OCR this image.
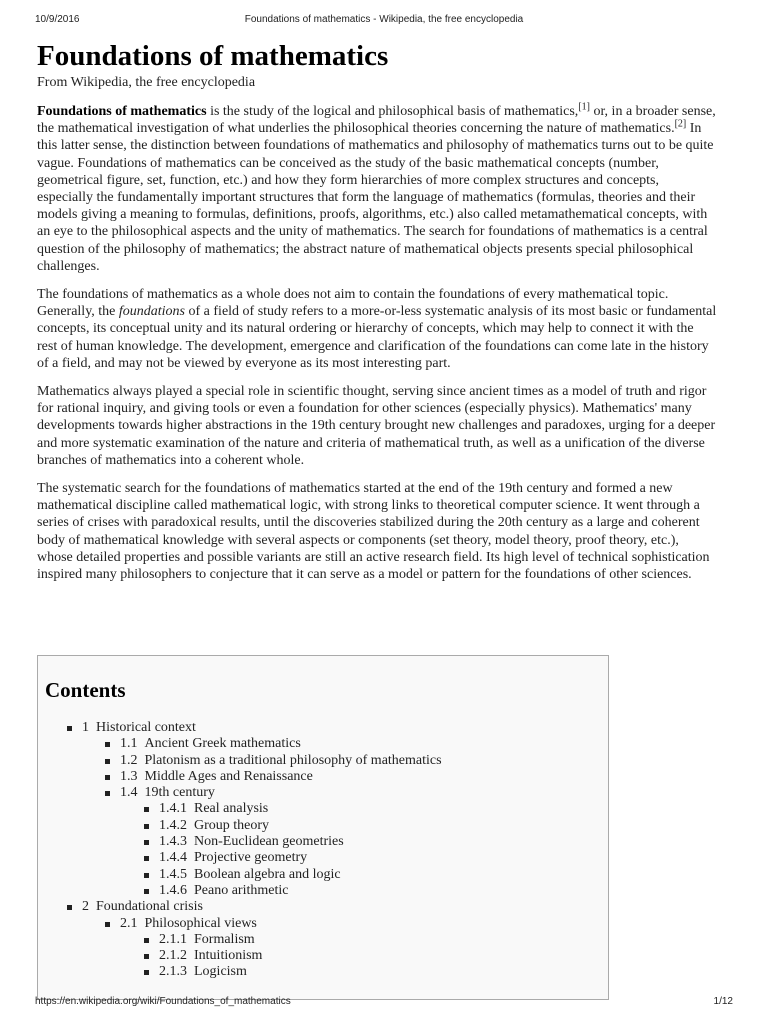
10/9/2016	Foundations of mathematics - Wikipedia, the free encyclopedia
Foundations of mathematics
From Wikipedia, the free encyclopedia

Foundations of mathematics is the study of the logical and philosophical basis of mathematics,[1] or, in a broader sense, the mathematical investigation of what underlies the philosophical theories concerning the nature of mathematics.[2] In this latter sense, the distinction between foundations of mathematics and philosophy of mathematics turns out to be quite vague. Foundations of mathematics can be conceived as the study of the basic mathematical concepts (number, geometrical figure, set, function, etc.) and how they form hierarchies of more complex structures and concepts, especially the fundamentally important structures that form the language of mathematics (formulas, theories and their models giving a meaning to formulas, definitions, proofs, algorithms, etc.) also called metamathematical concepts, with an eye to the philosophical aspects and the unity of mathematics. The search for foundations of mathematics is a central question of the philosophy of mathematics; the abstract nature of mathematical objects presents special philosophical challenges.

The foundations of mathematics as a whole does not aim to contain the foundations of every mathematical topic. Generally, the foundations of a field of study refers to a more-or-less systematic analysis of its most basic or fundamental concepts, its conceptual unity and its natural ordering or hierarchy of concepts, which may help to connect it with the rest of human knowledge. The development, emergence and clarification of the foundations can come late in the history of a field, and may not be viewed by everyone as its most interesting part.

Mathematics always played a special role in scientific thought, serving since ancient times as a model of truth and rigor for rational inquiry, and giving tools or even a foundation for other sciences (especially physics). Mathematics' many developments towards higher abstractions in the 19th century brought new challenges and paradoxes, urging for a deeper and more systematic examination of the nature and criteria of mathematical truth, as well as a unification of the diverse branches of mathematics into a coherent whole.

The systematic search for the foundations of mathematics started at the end of the 19th century and formed a new mathematical discipline called mathematical logic, with strong links to theoretical computer science. It went through a series of crises with paradoxical results, until the discoveries stabilized during the 20th century as a large and coherent body of mathematical knowledge with several aspects or components (set theory, model theory, proof theory, etc.), whose detailed properties and possible variants are still an active research field. Its high level of technical sophistication inspired many philosophers to conjecture that it can serve as a model or pattern for the foundations of other sciences.

Contents
1 Historical context
1.1 Ancient Greek mathematics
1.2 Platonism as a traditional philosophy of mathematics
1.3 Middle Ages and Renaissance
1.4 19th century
1.4.1 Real analysis
1.4.2 Group theory
1.4.3 Non-Euclidean geometries
1.4.4 Projective geometry
1.4.5 Boolean algebra and logic
1.4.6 Peano arithmetic
2 Foundational crisis
2.1 Philosophical views
2.1.1 Formalism
2.1.2 Intuitionism
2.1.3 Logicism
https://en.wikipedia.org/wiki/Foundations_of_mathematics	1/12
